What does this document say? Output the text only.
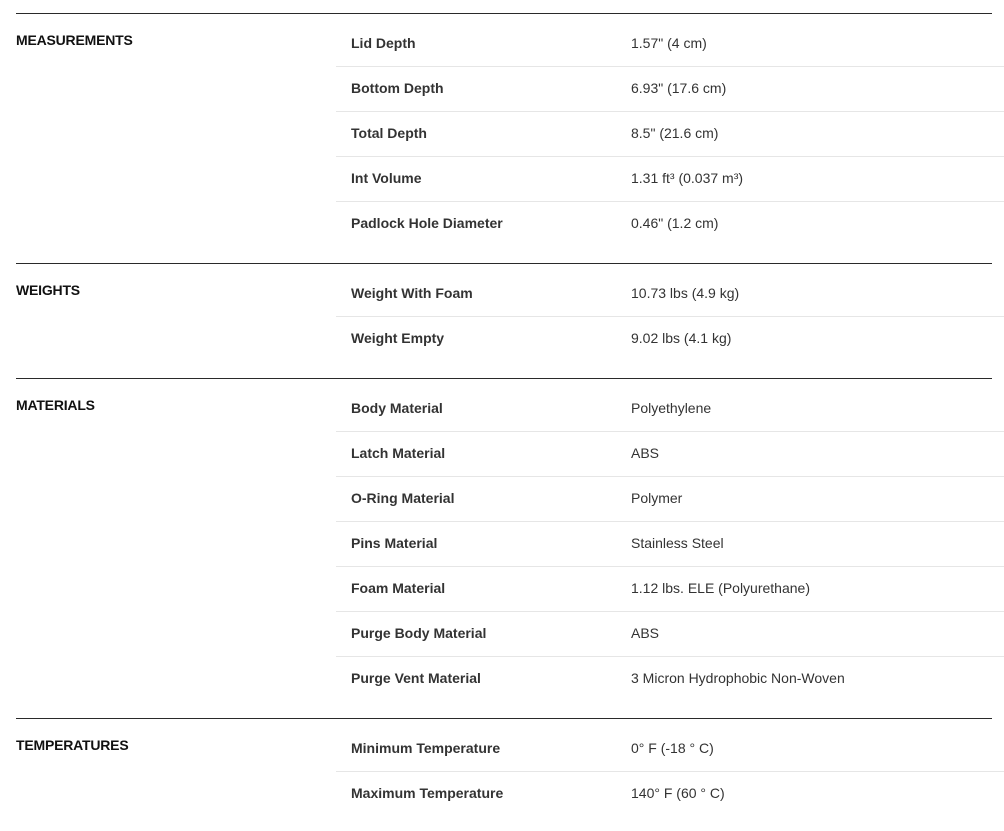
MEASUREMENTS	Lid Depth	1.57" (4 cm)
Bottom Depth	6.93" (17.6 cm)
Total Depth	8.5" (21.6 cm)
Int Volume	1.31 ft³ (0.037 m³)
Padlock Hole Diameter	0.46" (1.2 cm)
WEIGHTS	Weight With Foam	10.73 lbs (4.9 kg)
Weight Empty	9.02 lbs (4.1 kg)
MATERIALS	Body Material	Polyethylene
Latch Material	ABS
O-Ring Material	Polymer
Pins Material	Stainless Steel
Foam Material	1.12 lbs. ELE (Polyurethane)
Purge Body Material	ABS
Purge Vent Material	3 Micron Hydrophobic Non-Woven
TEMPERATURES	Minimum Temperature	0° F (-18 ° C)
Maximum Temperature	140° F (60 ° C)
